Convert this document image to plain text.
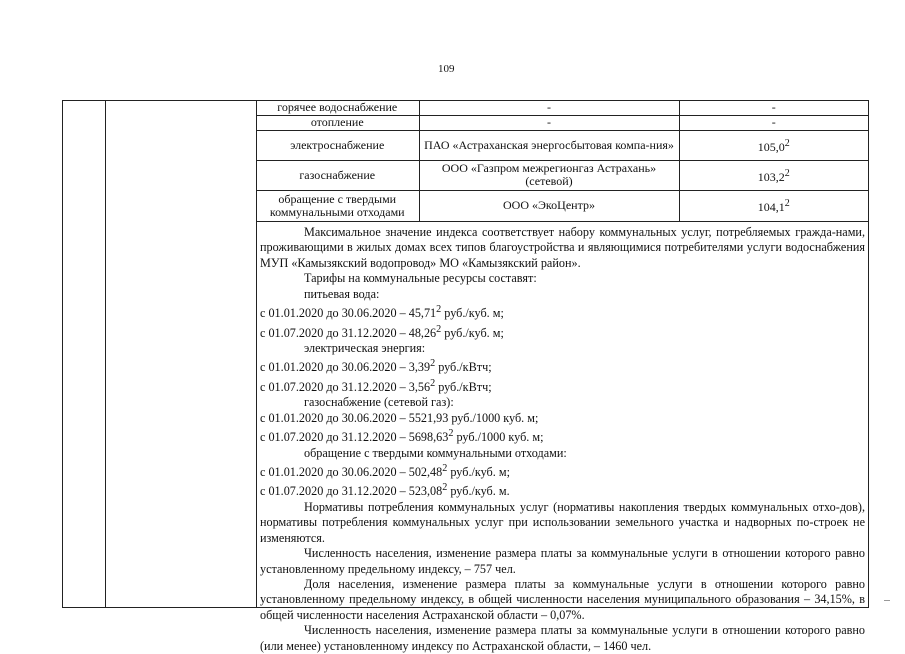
109
горячее водоснабжение	-	-
отопление	-	-
электроснабжение	ПАО «Астраханская энергосбытовая компа-ния»	105,0$^2$
газоснабжение	ООО «Газпром межрегионгаз Астрахань» (сетевой)	103,2$^2$
обращение с твердыми коммунальными отходами	ООО «ЭкоЦентр»	104,1$^2$

Максимальное значение индекса соответствует набору коммунальных услуг, потребляемых гражда-нами, проживающими в жилых домах всех типов благоустройства и являющимися потребителями услуги водоснабжения МУП «Камызякский водопровод» МО «Камызякский район».

Тарифы на коммунальные ресурсы составят:

питьевая вода:

с 01.01.2020 до 30.06.2020 – 45,71$^2$ руб./куб. м;

с 01.07.2020 до 31.12.2020 – 48,26$^2$ руб./куб. м;

электрическая энергия:

с 01.01.2020 до 30.06.2020 – 3,39$^2$ руб./кВтч;

с 01.07.2020 до 31.12.2020 – 3,56$^2$ руб./кВтч;

газоснабжение (сетевой газ):

с 01.01.2020 до 30.06.2020 – 5521,93 руб./1000 куб. м;

с 01.07.2020 до 31.12.2020 – 5698,63$^2$ руб./1000 куб. м;

обращение с твердыми коммунальными отходами:

с 01.01.2020 до 30.06.2020 – 502,48$^2$ руб./куб. м;

с 01.07.2020 до 31.12.2020 – 523,08$^2$ руб./куб. м.

Нормативы потребления коммунальных услуг (нормативы накопления твердых коммунальных отхо-дов), нормативы потребления коммунальных услуг при использовании земельного участка и надворных по-строек не изменяются.

Численность населения, изменение размера платы за коммунальные услуги в отношении которого равно установленному предельному индексу, – 757 чел.

Доля населения, изменение размера платы за коммунальные услуги в отношении которого равно установленному предельному индексу, в общей численности населения муниципального образования – 34,15%, в общей численности населения Астраханской области – 0,07%.

Численность населения, изменение размера платы за коммунальные услуги в отношении которого равно (или менее) установленному индексу по Астраханской области, – 1460 чел.
